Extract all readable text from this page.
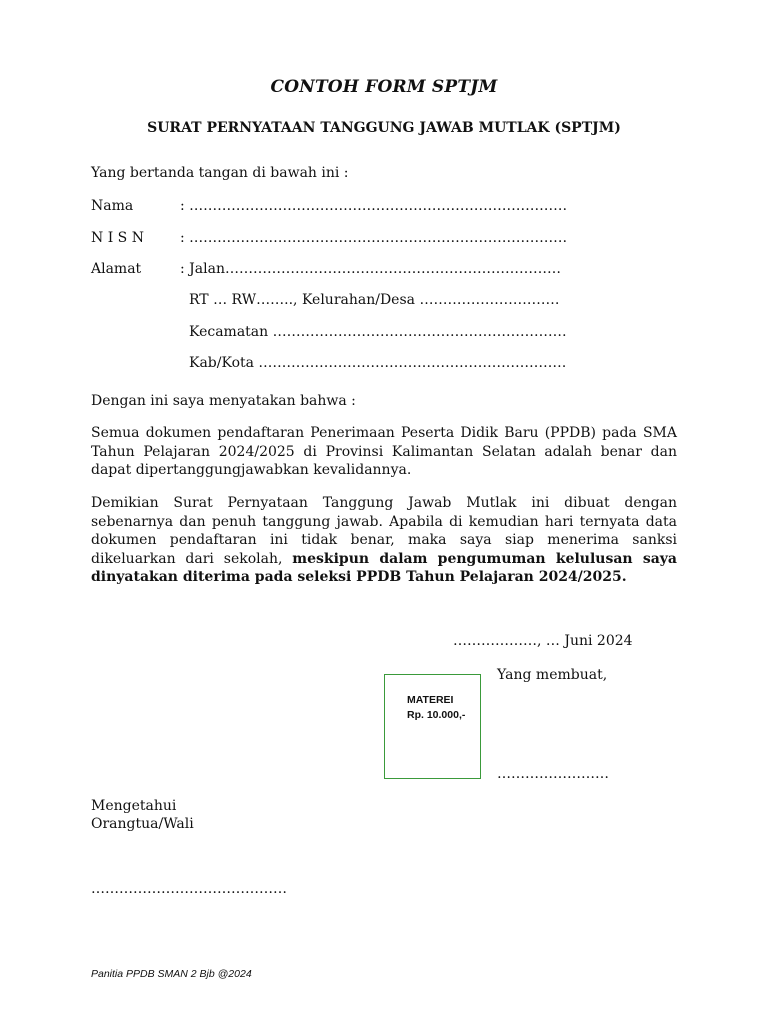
CONTOH FORM SPTJM
SURAT PERNYATAAN TANGGUNG JAWAB MUTLAK (SPTJM)
Yang bertanda tangan di bawah ini :
Nama	: ………………………………………………………………………
N I S N	: ………………………………………………………………………
Alamat	: Jalan………………………………………………………………
RT … RW…….., Kelurahan/Desa …………………………
Kecamatan ………………………………………………………
Kab/Kota …………………………………………………………
Dengan ini saya menyatakan bahwa :
Semua dokumen pendaftaran Penerimaan Peserta Didik Baru (PPDB) pada SMA Tahun Pelajaran 2024/2025 di Provinsi Kalimantan Selatan adalah benar dan dapat dipertanggungjawabkan kevalidannya.
Demikian Surat Pernyataan Tanggung Jawab Mutlak ini dibuat dengan sebenarnya dan penuh tanggung jawab. Apabila di kemudian hari ternyata data dokumen pendaftaran ini tidak benar, maka saya siap menerima sanksi dikeluarkan dari sekolah, meskipun dalam pengumuman kelulusan saya dinyatakan diterima pada seleksi PPDB Tahun Pelajaran 2024/2025.
………………, … Juni 2024
Yang membuat,
MATEREI
Rp. 10.000,-
……………………
Mengetahui
Orangtua/Wali
……………………………………
Panitia PPDB SMAN 2 Bjb @2024
